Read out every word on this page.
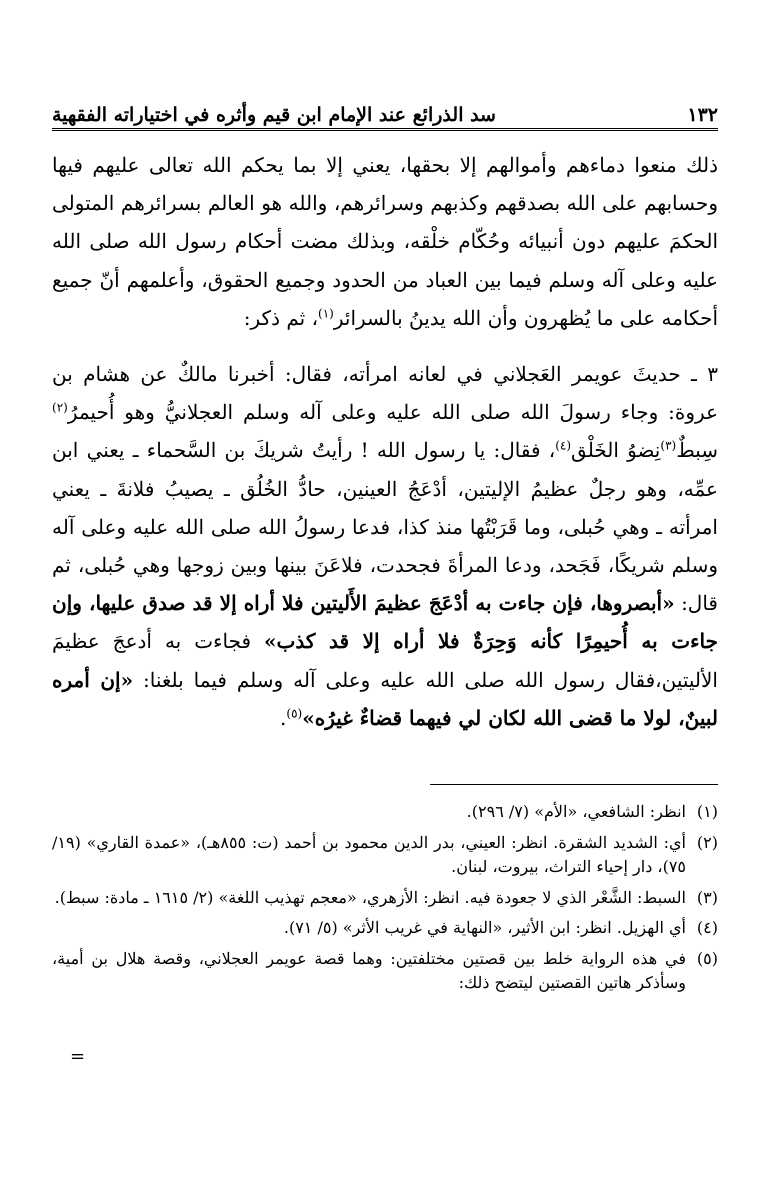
١٣٢
سد الذرائع عند الإمام ابن قيم وأثره في اختياراته الفقهية

ذلك منعوا دماءهم وأموالهم إلا بحقها، يعني إلا بما يحكم الله تعالى عليهم فيها وحسابهم على الله بصدقهم وكذبهم وسرائرهم، والله هو العالم بسرائرهم المتولى الحكمَ عليهم دون أنبيائه وحُكّام خلْقه، وبذلك مضت أحكام رسول الله صلى الله عليه وعلى آله وسلم فيما بين العباد من الحدود وجميع الحقوق، وأعلمهم أنّ جميع أحكامه على ما يُظهرون وأن الله يدينُ بالسرائر$^{(١)}$، ثم ذكر:

٣ ـ حديثَ عويمر العَجلاني في لعانه امرأته، فقال: أخبرنا مالكٌ عن هشام بن عروة: وجاء رسولَ الله صلى الله عليه وعلى آله وسلم العجلانيُّ وهو أُحيمرُ$^{(٢)}$ سِبطٌ$^{(٣)}$نِضوُ الخَلْق$^{(٤)}$، فقال: يا رسول الله ! رأيتُ شريكَ بن السَّحماء ـ يعني ابن عمِّه، وهو رجلٌ عظيمُ الإليتين، أدْعَجُ العينين، حادُّ الخُلُق ـ يصيبُ فلانةَ ـ يعني امرأته ـ وهي حُبلى، وما قَرَبْتُها منذ كذا، فدعا رسولُ الله صلى الله عليه وعلى آله وسلم شريكًا، فَجَحد، ودعا المرأةَ فجحدت، فلاعَنَ بينها وبين زوجها وهي حُبلى، ثم قال: «أبصروها، فإن جاءت به أدْعَجَ عظيمَ الأَليتين فلا أراه إلا قد صدق عليها، وإن جاءت به أُحيمِرًا كأنه وَحِرَةٌ فلا أراه إلا قد كذب» فجاءت به أدعجَ عظيمَ الأليتين،فقال رسول الله صلى الله عليه وعلى آله وسلم فيما بلغنا: «إن أمره لبينٌ، لولا ما قضى الله لكان لي فيهما قضاءٌ غيرُه»$^{(٥)}$.

(١)
انظر: الشافعي، «الأم» (٧/ ٢٩٦).
(٢)
أي: الشديد الشقرة. انظر: العيني، بدر الدين محمود بن أحمد (ت: ٨٥٥هـ)، «عمدة القاري» (١٩/ ٧٥)، دار إحياء التراث، بيروت، لبنان.
(٣)
السبط: الشَّعْر الذي لا جعودة فيه. انظر: الأزهري، «معجم تهذيب اللغة» (٢/ ١٦١٥ ـ مادة: سبط).
(٤)
أي الهزيل. انظر: ابن الأثير، «النهاية في غريب الأثر» (٥/ ٧١).
(٥)
في هذه الرواية خلط بين قصتين مختلفتين: وهما قصة عويمر العجلاني، وقصة هلال بن أمية، وسأذكر هاتين القصتين ليتضح ذلك:
=
